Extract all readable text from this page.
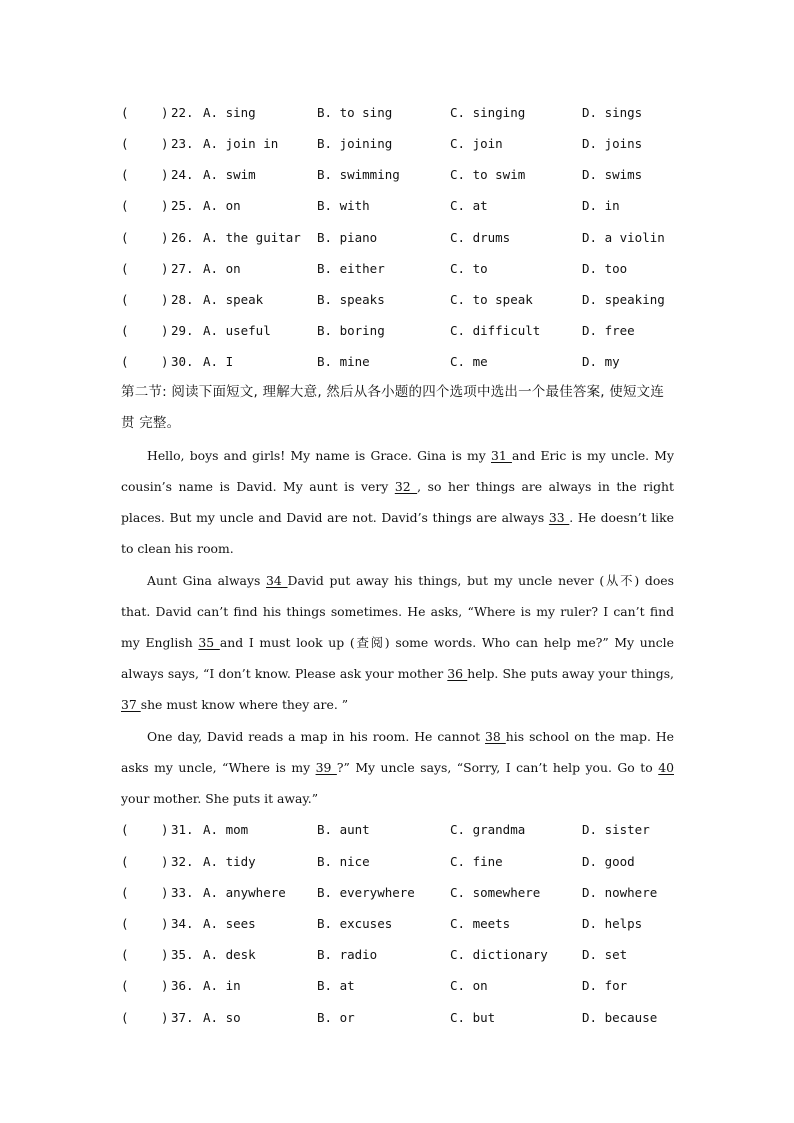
(	) 22. A. sing	B. to sing	C. singing	D. sings
(	) 23. A. join in	B. joining	C. join	D. joins
(	) 24. A. swim	B. swimming	C. to swim	D. swims
(	) 25. A. on	B. with	C. at	D. in
(	) 26. A. the guitar B. piano	C. drums	D. a violin
(	) 27. A. on	B. either	C. to	D. too
(	) 28. A. speak	B. speaks	C. to speak	D. speaking
(	) 29. A. useful	B. boring	C. difficult	D. free
(	) 30. A. I	B. mine	C. me	D. my
第二节: 阅读下面短文, 理解大意, 然后从各小题的四个选项中选出一个最佳答案, 使短文连贯 完整。
Hello, boys and girls! My name is Grace. Gina is my 31 and Eric is my uncle. My cousin’s name is David. My aunt is very 32 , so her things are always in the right places. But my uncle and David are not. David’s things are always 33 . He doesn’t like to clean his room.
Aunt Gina always 34 David put away his things, but my uncle never (从不) does that. David can’t find his things sometimes. He asks, “Where is my ruler? I can’t find my English 35 and I must look up (查阅) some words. Who can help me?” My uncle always says, “I don’t know. Please ask your mother 36 help. She puts away your things, 37 she must know where they are. ”
One day, David reads a map in his room. He cannot 38 his school on the map. He asks my uncle, “Where is my 39 ?” My uncle says, “Sorry, I can’t help you. Go to 40 your mother. She puts it away.”
(	) 31. A. mom	B. aunt	C. grandma	D. sister
(	) 32. A. tidy	B. nice	C. fine	D. good
(	) 33. A. anywhere B. everywhere	C. somewhere	D. nowhere
(	) 34. A. sees	B. excuses	C. meets	D. helps
(	) 35. A. desk	B. radio	C. dictionary	D. set
(	) 36. A. in	B. at	C. on	D. for
(	) 37. A. so	B. or	C. but	D. because
